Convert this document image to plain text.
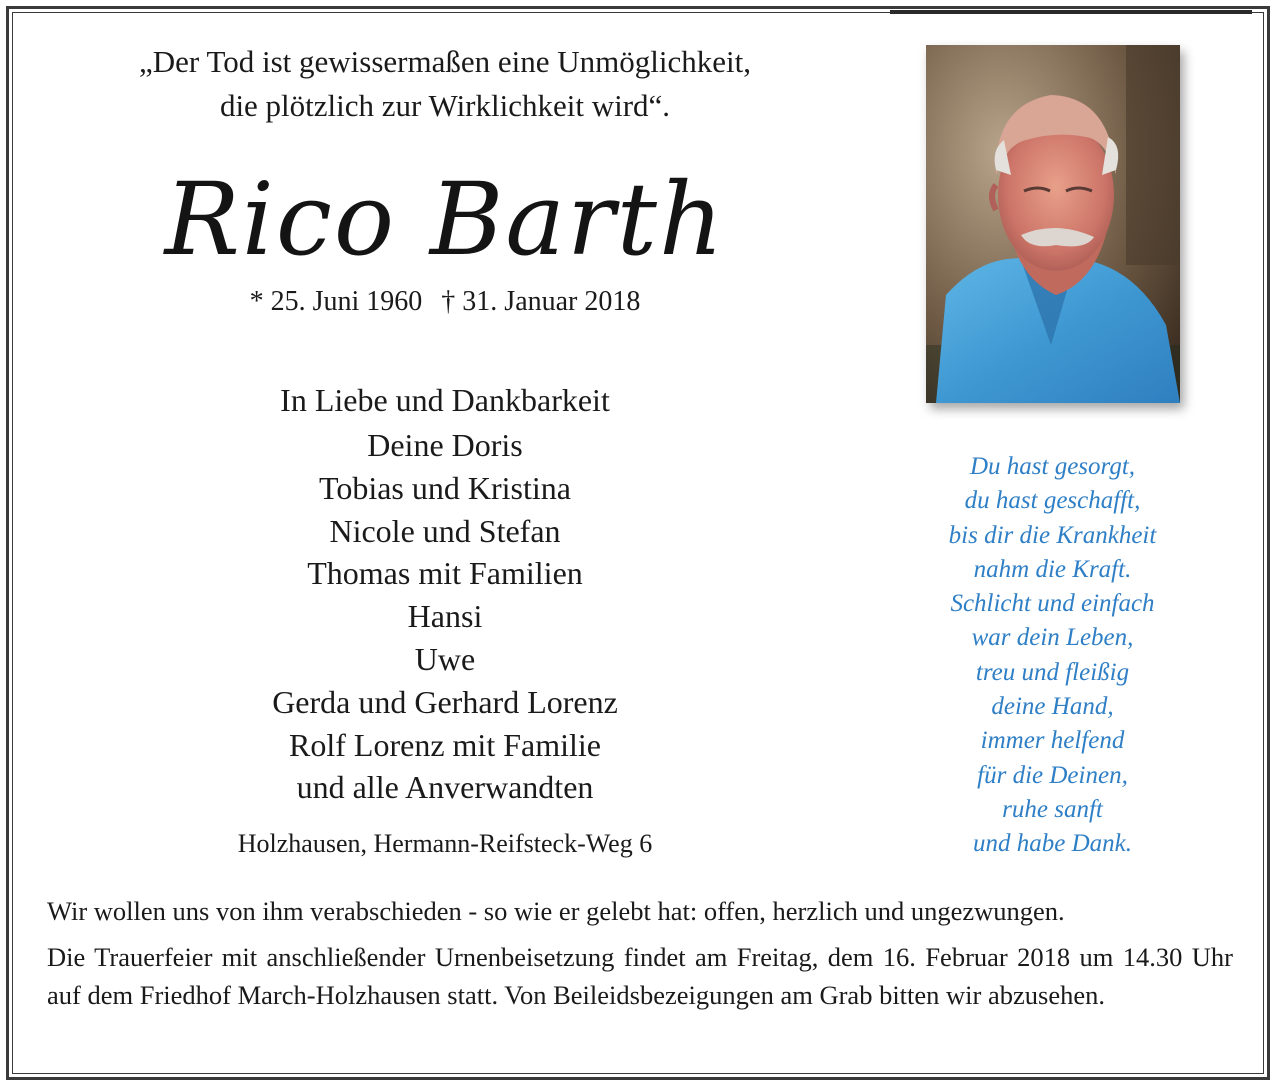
„Der Tod ist gewissermaßen eine Unmöglichkeit,
die plötzlich zur Wirklichkeit wird“.
Rico Barth
* 25. Juni 1960 † 31. Januar 2018
In Liebe und Dankbarkeit
Deine Doris
Tobias und Kristina
Nicole und Stefan
Thomas mit Familien
Hansi
Uwe
Gerda und Gerhard Lorenz
Rolf Lorenz mit Familie
und alle Anverwandten
Holzhausen, Hermann-Reifsteck-Weg 6
Du hast gesorgt,
du hast geschafft,
bis dir die Krankheit
nahm die Kraft.
Schlicht und einfach
war dein Leben,
treu und fleißig
deine Hand,
immer helfend
für die Deinen,
ruhe sanft
und habe Dank.
Wir wollen uns von ihm verabschieden - so wie er gelebt hat: offen, herzlich und ungezwungen.
Die Trauerfeier mit anschließender Urnenbeisetzung findet am Freitag, dem 16. Februar 2018 um 14.30 Uhr auf dem Friedhof March-Holzhausen statt. Von Beileidsbezeigungen am Grab bitten wir abzusehen.
